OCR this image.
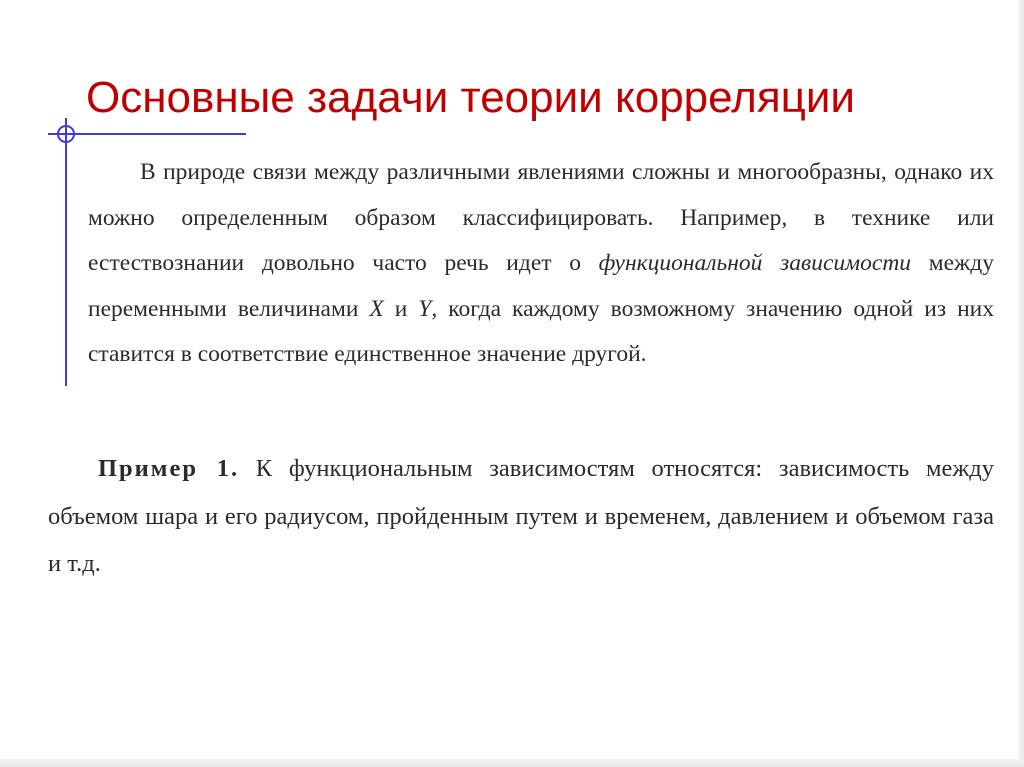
Основные задачи теории корреляции

В природе связи между различными явлениями сложны и многообразны, однако их можно определенным образом классифицировать. Например, в технике или естествознании довольно часто речь идет о функциональной зависимости между переменными величинами X и Y, когда каждому возможному значению одной из них ставится в соответствие единственное значение другой.

Пример 1. К функциональным зависимостям относятся: зависимость между объемом шара и его радиусом, пройденным путем и временем, давлением и объемом газа и т.д.
